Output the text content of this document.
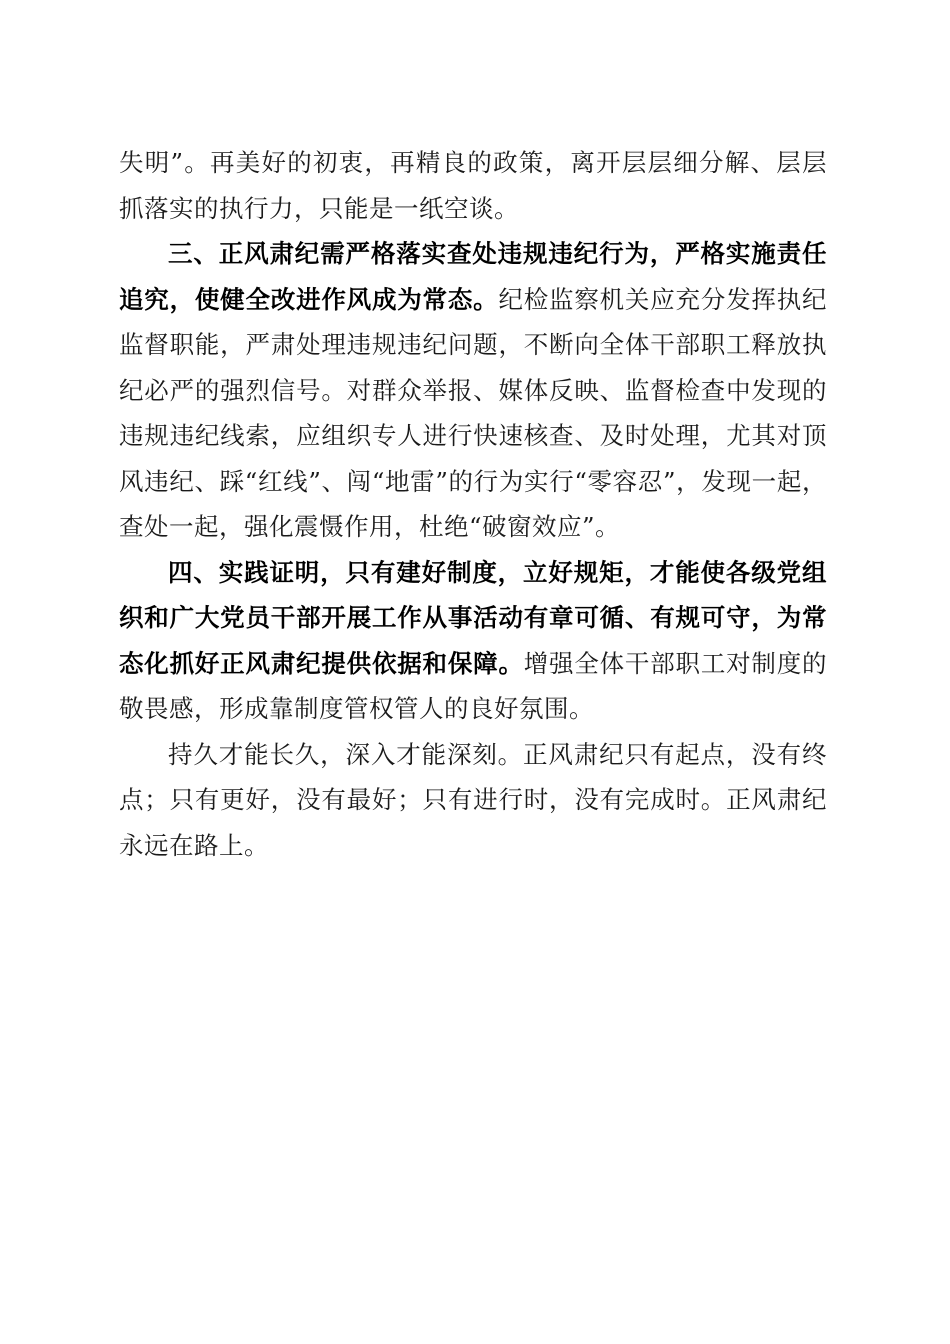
失明”。再美好的初衷，再精良的政策，离开层层细分解、层层抓落实的执行力，只能是一纸空谈。

三、正风肃纪需严格落实查处违规违纪行为，严格实施责任追究，使健全改进作风成为常态。纪检监察机关应充分发挥执纪监督职能，严肃处理违规违纪问题，不断向全体干部职工释放执纪必严的强烈信号。对群众举报、媒体反映、监督检查中发现的违规违纪线索，应组织专人进行快速核查、及时处理，尤其对顶风违纪、踩“红线”、闯“地雷”的行为实行“零容忍”，发现一起，查处一起，强化震慑作用，杜绝“破窗效应”。

四、实践证明，只有建好制度，立好规矩，才能使各级党组织和广大党员干部开展工作从事活动有章可循、有规可守，为常态化抓好正风肃纪提供依据和保障。增强全体干部职工对制度的敬畏感，形成靠制度管权管人的良好氛围。

持久才能长久，深入才能深刻。正风肃纪只有起点，没有终点；只有更好，没有最好；只有进行时，没有完成时。正风肃纪永远在路上。
